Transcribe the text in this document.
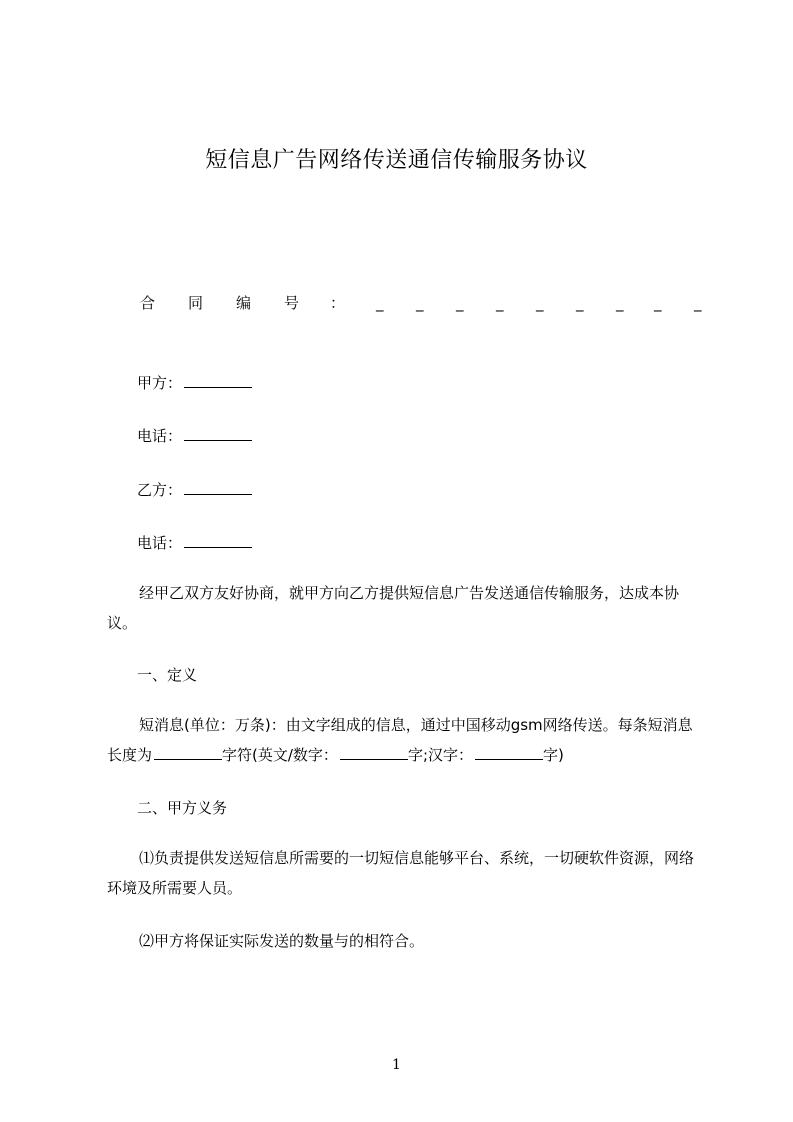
短信息广告网络传送通信传输服务协议
合 同 编 号 ： _ _ _ _ _ _ _ _ _
甲方：
电话：
乙方：
电话：
经甲乙双方友好协商，就甲方向乙方提供短信息广告发送通信传输服务，达成本协议。
一、定义
短消息(单位：万条)：由文字组成的信息，通过中国移动gsm网络传送。每条短消息长度为	字符(英文/数字：	字;汉字：	字)
二、甲方义务
⑴负责提供发送短信息所需要的一切短信息能够平台、系统，一切硬软件资源，网络环境及所需要人员。
⑵甲方将保证实际发送的数量与的相符合。
1
